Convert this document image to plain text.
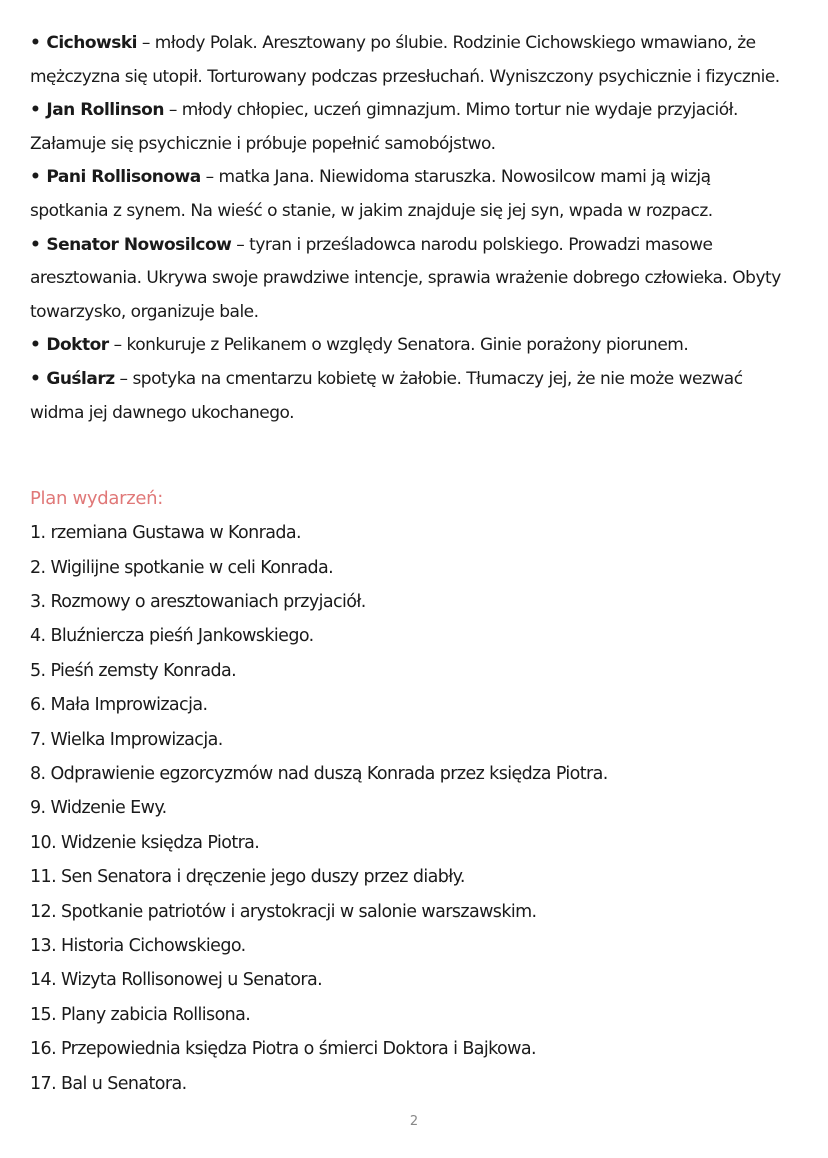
• Cichowski – młody Polak. Aresztowany po ślubie. Rodzinie Cichowskiego wmawiano, że mężczyzna się utopił. Torturowany podczas przesłuchań. Wyniszczony psychicznie i fizycznie.
• Jan Rollinson – młody chłopiec, uczeń gimnazjum. Mimo tortur nie wydaje przyjaciół. Załamuje się psychicznie i próbuje popełnić samobójstwo.
• Pani Rollisonowa – matka Jana. Niewidoma staruszka. Nowosilcow mami ją wizją spotkania z synem. Na wieść o stanie, w jakim znajduje się jej syn, wpada w rozpacz.
• Senator Nowosilcow – tyran i prześladowca narodu polskiego. Prowadzi masowe aresztowania. Ukrywa swoje prawdziwe intencje, sprawia wrażenie dobrego człowieka. Obyty towarzysko, organizuje bale.
• Doktor – konkuruje z Pelikanem o względy Senatora. Ginie porażony piorunem.
• Guślarz – spotyka na cmentarzu kobietę w żałobie. Tłumaczy jej, że nie może wezwać widma jej dawnego ukochanego.
Plan wydarzeń:
1. rzemiana Gustawa w Konrada.
2. Wigilijne spotkanie w celi Konrada.
3. Rozmowy o aresztowaniach przyjaciół.
4. Bluźniercza pieśń Jankowskiego.
5. Pieśń zemsty Konrada.
6. Mała Improwizacja.
7. Wielka Improwizacja.
8. Odprawienie egzorcyzmów nad duszą Konrada przez księdza Piotra.
9. Widzenie Ewy.
10. Widzenie księdza Piotra.
11. Sen Senatora i dręczenie jego duszy przez diabły.
12. Spotkanie patriotów i arystokracji w salonie warszawskim.
13. Historia Cichowskiego.
14. Wizyta Rollisonowej u Senatora.
15. Plany zabicia Rollisona.
16. Przepowiednia księdza Piotra o śmierci Doktora i Bajkowa.
17. Bal u Senatora.
2
